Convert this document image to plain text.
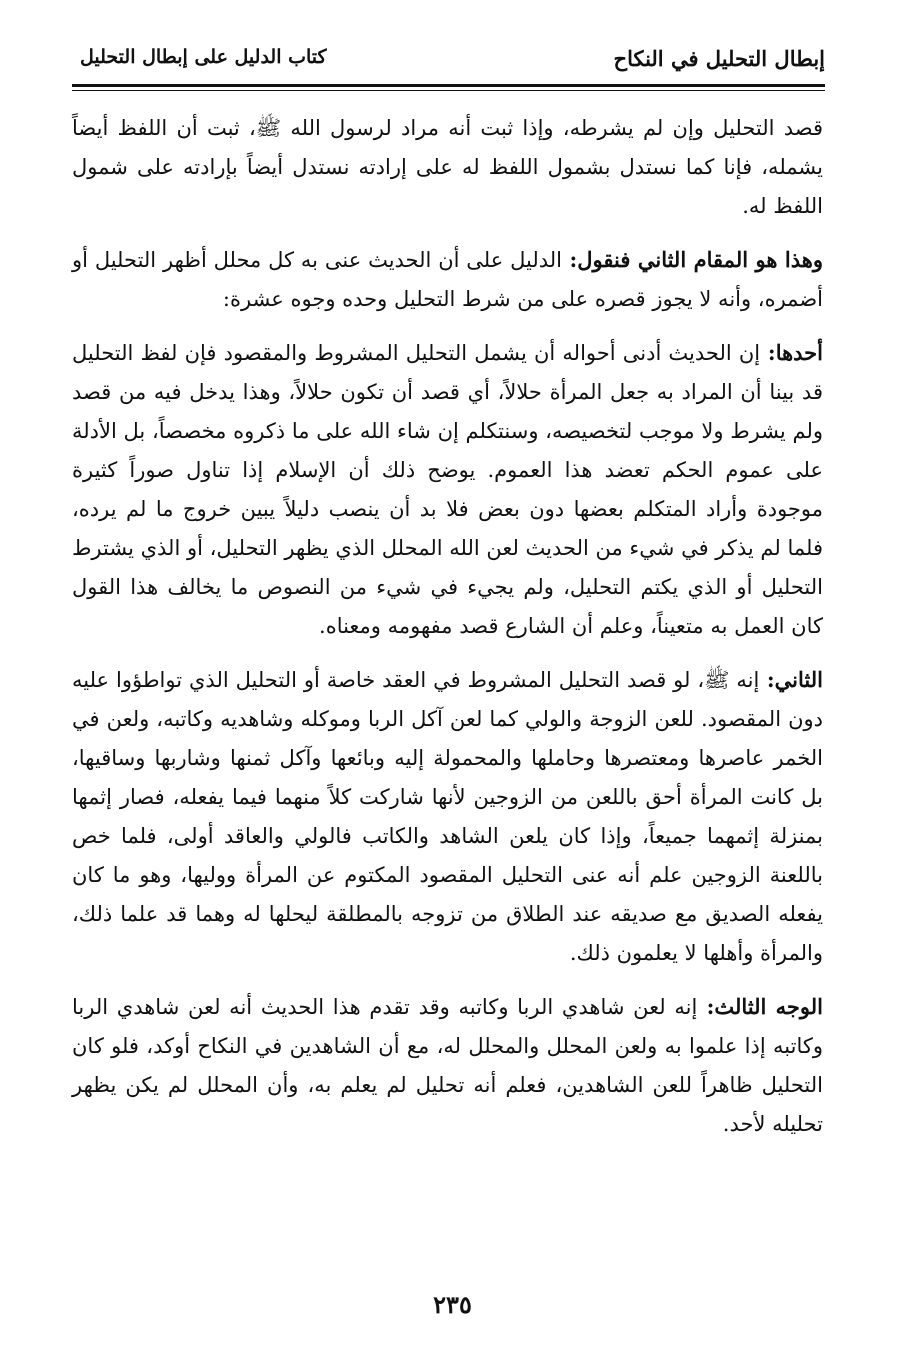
إبطال التحليل في النكاح
كتاب الدليل على إبطال التحليل

قصد التحليل وإن لم يشرطه، وإذا ثبت أنه مراد لرسول الله ﷺ، ثبت أن اللفظ أيضاً يشمله، فإنا كما نستدل بشمول اللفظ له على إرادته نستدل أيضاً بإرادته على شمول اللفظ له.

وهذا هو المقام الثاني فنقول: الدليل على أن الحديث عنى به كل محلل أظهر التحليل أو أضمره، وأنه لا يجوز قصره على من شرط التحليل وحده وجوه عشرة:

أحدها: إن الحديث أدنى أحواله أن يشمل التحليل المشروط والمقصود فإن لفظ التحليل قد بينا أن المراد به جعل المرأة حلالاً، أي قصد أن تكون حلالاً، وهذا يدخل فيه من قصد ولم يشرط ولا موجب لتخصيصه، وسنتكلم إن شاء الله على ما ذكروه مخصصاً، بل الأدلة على عموم الحكم تعضد هذا العموم. يوضح ذلك أن الإسلام إذا تناول صوراً كثيرة موجودة وأراد المتكلم بعضها دون بعض فلا بد أن ينصب دليلاً يبين خروج ما لم يرده، فلما لم يذكر في شيء من الحديث لعن الله المحلل الذي يظهر التحليل، أو الذي يشترط التحليل أو الذي يكتم التحليل، ولم يجيء في شيء من النصوص ما يخالف هذا القول كان العمل به متعيناً، وعلم أن الشارع قصد مفهومه ومعناه.

الثاني: إنه ﷺ، لو قصد التحليل المشروط في العقد خاصة أو التحليل الذي تواطؤوا عليه دون المقصود. للعن الزوجة والولي كما لعن آكل الربا وموكله وشاهديه وكاتبه، ولعن في الخمر عاصرها ومعتصرها وحاملها والمحمولة إليه وبائعها وآكل ثمنها وشاربها وساقيها، بل كانت المرأة أحق باللعن من الزوجين لأنها شاركت كلاً منهما فيما يفعله، فصار إثمها بمنزلة إثمهما جميعاً، وإذا كان يلعن الشاهد والكاتب فالولي والعاقد أولى، فلما خص باللعنة الزوجين علم أنه عنى التحليل المقصود المكتوم عن المرأة ووليها، وهو ما كان يفعله الصديق مع صديقه عند الطلاق من تزوجه بالمطلقة ليحلها له وهما قد علما ذلك، والمرأة وأهلها لا يعلمون ذلك.

الوجه الثالث: إنه لعن شاهدي الربا وكاتبه وقد تقدم هذا الحديث أنه لعن شاهدي الربا وكاتبه إذا علموا به ولعن المحلل والمحلل له، مع أن الشاهدين في النكاح أوكد، فلو كان التحليل ظاهراً للعن الشاهدين، فعلم أنه تحليل لم يعلم به، وأن المحلل لم يكن يظهر تحليله لأحد.

٢٣٥
